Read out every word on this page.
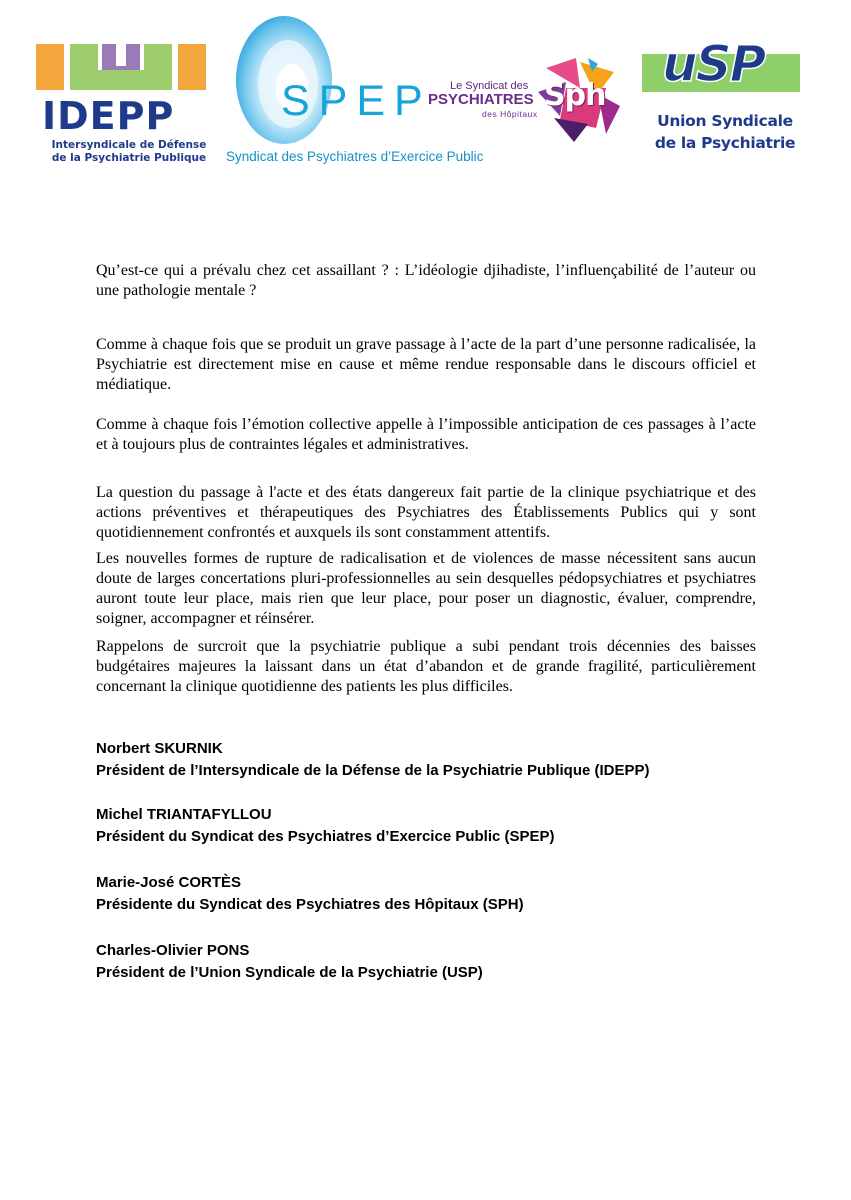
IDEPP
Intersyndicale de Défense
de la Psychiatrie Publique
SPEP
Syndicat des Psychiatres d’Exercice Public
Le Syndicat des
PSYCHIATRES
des Hôpitaux
Sph
uSP
Union Syndicale
de la Psychiatrie

Qu’est-ce qui a prévalu chez cet assaillant ? : L’idéologie djihadiste, l’influençabilité de l’auteur ou une pathologie mentale ?

Comme à chaque fois que se produit un grave passage à l’acte de la part d’une personne radicalisée, la Psychiatrie est directement mise en cause et même rendue responsable dans le discours officiel et médiatique.

Comme à chaque fois l’émotion collective appelle à l’impossible anticipation de ces passages à l’acte et à toujours plus de contraintes légales et administratives.

La question du passage à l'acte et des états dangereux fait partie de la clinique psychiatrique et des actions préventives et thérapeutiques des Psychiatres des Établissements Publics qui y sont quotidiennement confrontés et auxquels ils sont constamment attentifs.

Les nouvelles formes de rupture de radicalisation et de violences de masse nécessitent sans aucun doute de larges concertations pluri-professionnelles au sein desquelles pédopsychiatres et psychiatres auront toute leur place, mais rien que leur place, pour poser un diagnostic, évaluer, comprendre, soigner, accompagner et réinsérer.

Rappelons de surcroit que la psychiatrie publique a subi pendant trois décennies des baisses budgétaires majeures la laissant dans un état d’abandon et de grande fragilité, particulièrement concernant la clinique quotidienne des patients les plus difficiles.

Norbert SKURNIK
Président de l’Intersyndicale de la Défense de la Psychiatrie Publique (IDEPP)
Michel TRIANTAFYLLOU
Président du Syndicat des Psychiatres d’Exercice Public (SPEP)
Marie-José CORTÈS
Présidente du Syndicat des Psychiatres des Hôpitaux (SPH)
Charles-Olivier PONS
Président de l’Union Syndicale de la Psychiatrie (USP)
